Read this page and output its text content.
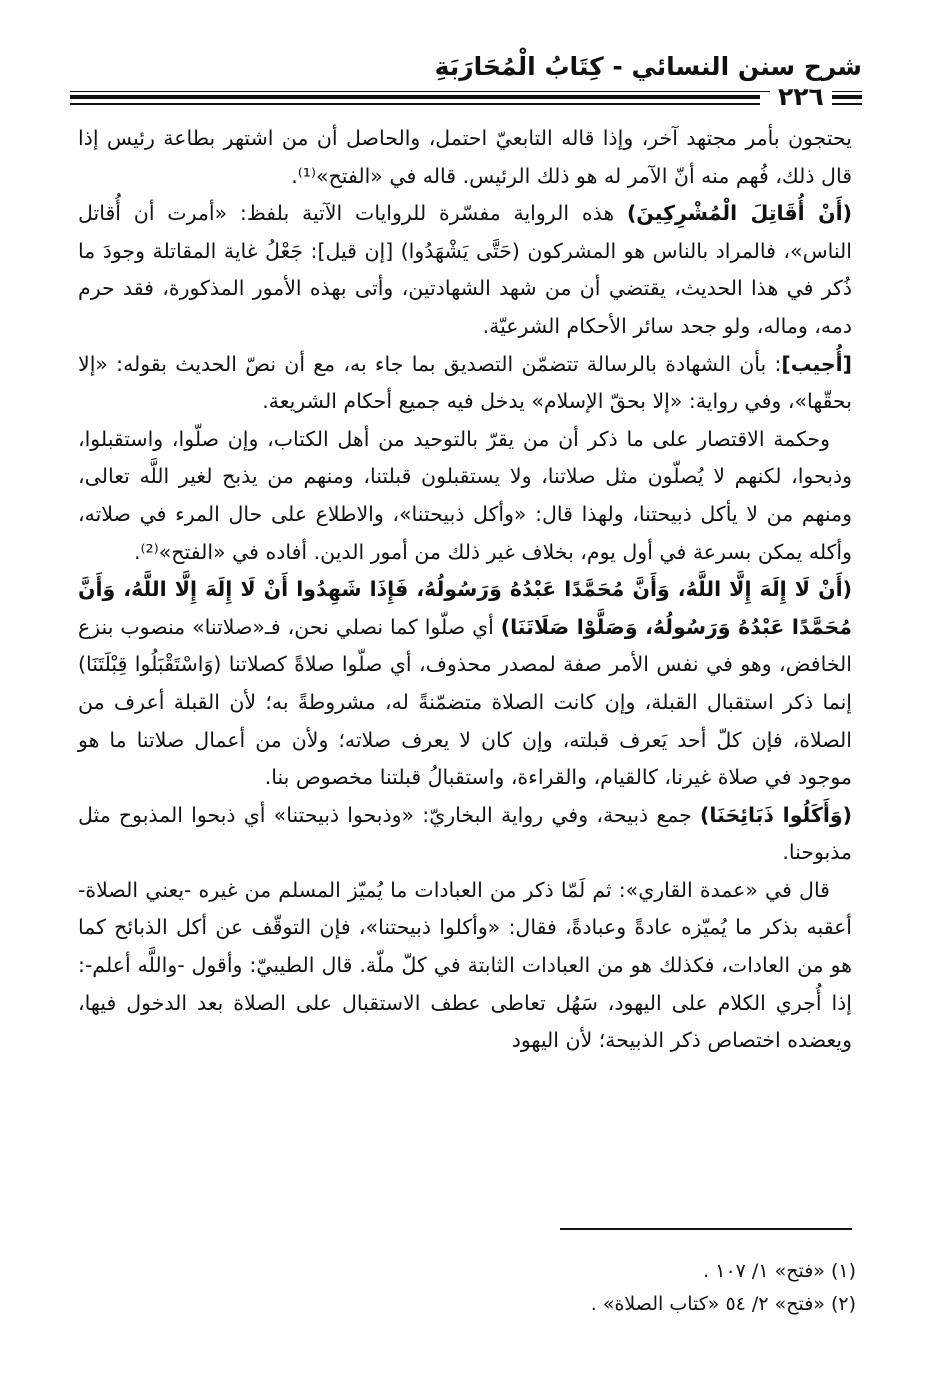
شرح سنن النسائي - كِتَابُ الْمُحَارَبَةِ
٢٢٦

يحتجون بأمر مجتهد آخر، وإذا قاله التابعيّ احتمل، والحاصل أن من اشتهر بطاعة رئيس إذا قال ذلك، فُهم منه أنّ الآمر له هو ذلك الرئيس. قاله في «الفتح»⁽¹⁾.

(أَنْ أُقَاتِلَ الْمُشْرِكِينَ) هذه الرواية مفسّرة للروايات الآتية بلفظ: «أمرت أن أُقاتل الناس»، فالمراد بالناس هو المشركون (حَتَّى يَشْهَدُوا) [إن قيل]: جَعْلُ غاية المقاتلة وجودَ ما ذُكر في هذا الحديث، يقتضي أن من شهد الشهادتين، وأتى بهذه الأمور المذكورة، فقد حرم دمه، وماله، ولو جحد سائر الأحكام الشرعيّة.

[أُجيب]: بأن الشهادة بالرسالة تتضمّن التصديق بما جاء به، مع أن نصّ الحديث بقوله: «إلا بحقّها»، وفي رواية: «إلا بحقّ الإسلام» يدخل فيه جميع أحكام الشريعة.

وحكمة الاقتصار على ما ذكر أن من يقرّ بالتوحيد من أهل الكتاب، وإن صلّوا، واستقبلوا، وذبحوا، لكنهم لا يُصلّون مثل صلاتنا، ولا يستقبلون قبلتنا، ومنهم من يذبح لغير اللَّه تعالى، ومنهم من لا يأكل ذبيحتنا، ولهذا قال: «وأكل ذبيحتنا»، والاطلاع على حال المرء في صلاته، وأكله يمكن بسرعة في أول يوم، بخلاف غير ذلك من أمور الدين. أفاده في «الفتح»⁽²⁾.

(أَنْ لَا إِلَهَ إِلَّا اللَّهُ، وَأَنَّ مُحَمَّدًا عَبْدُهُ وَرَسُولُهُ، فَإِذَا شَهِدُوا أَنْ لَا إِلَهَ إِلَّا اللَّهُ، وَأَنَّ مُحَمَّدًا عَبْدُهُ وَرَسُولُهُ، وَصَلَّوْا صَلَاتَنَا) أي صلّوا كما نصلي نحن، فـ«صلاتنا» منصوب بنزع الخافض، وهو في نفس الأمر صفة لمصدر محذوف، أي صلّوا صلاةً كصلاتنا (وَاسْتَقْبَلُوا قِبْلَتَنَا) إنما ذكر استقبال القبلة، وإن كانت الصلاة متضمّنةً له، مشروطةً به؛ لأن القبلة أعرف من الصلاة، فإن كلّ أحد يَعرف قبلته، وإن كان لا يعرف صلاته؛ ولأن من أعمال صلاتنا ما هو موجود في صلاة غيرنا، كالقيام، والقراءة، واستقبالُ قبلتنا مخصوص بنا.

(وَأَكَلُوا ذَبَائِحَنَا) جمع ذبيحة، وفي رواية البخاريّ: «وذبحوا ذبيحتنا» أي ذبحوا المذبوح مثل مذبوحنا.

قال في «عمدة القاري»: ثم لَمّا ذكر من العبادات ما يُميّز المسلم من غيره -يعني الصلاة- أعقبه بذكر ما يُميّزه عادةً وعبادةً، فقال: «وأكلوا ذبيحتنا»، فإن التوقّف عن أكل الذبائح كما هو من العادات، فكذلك هو من العبادات الثابتة في كلّ ملّة. قال الطيبيّ: وأقول -واللَّه أعلم-: إذا أُجري الكلام على اليهود، سَهُل تعاطى عطف الاستقبال على الصلاة بعد الدخول فيها، ويعضده اختصاص ذكر الذبيحة؛ لأن اليهود

(١) «فتح» ١/ ١٠٧ .
(٢) «فتح» ٢/ ٥٤ «كتاب الصلاة» .
